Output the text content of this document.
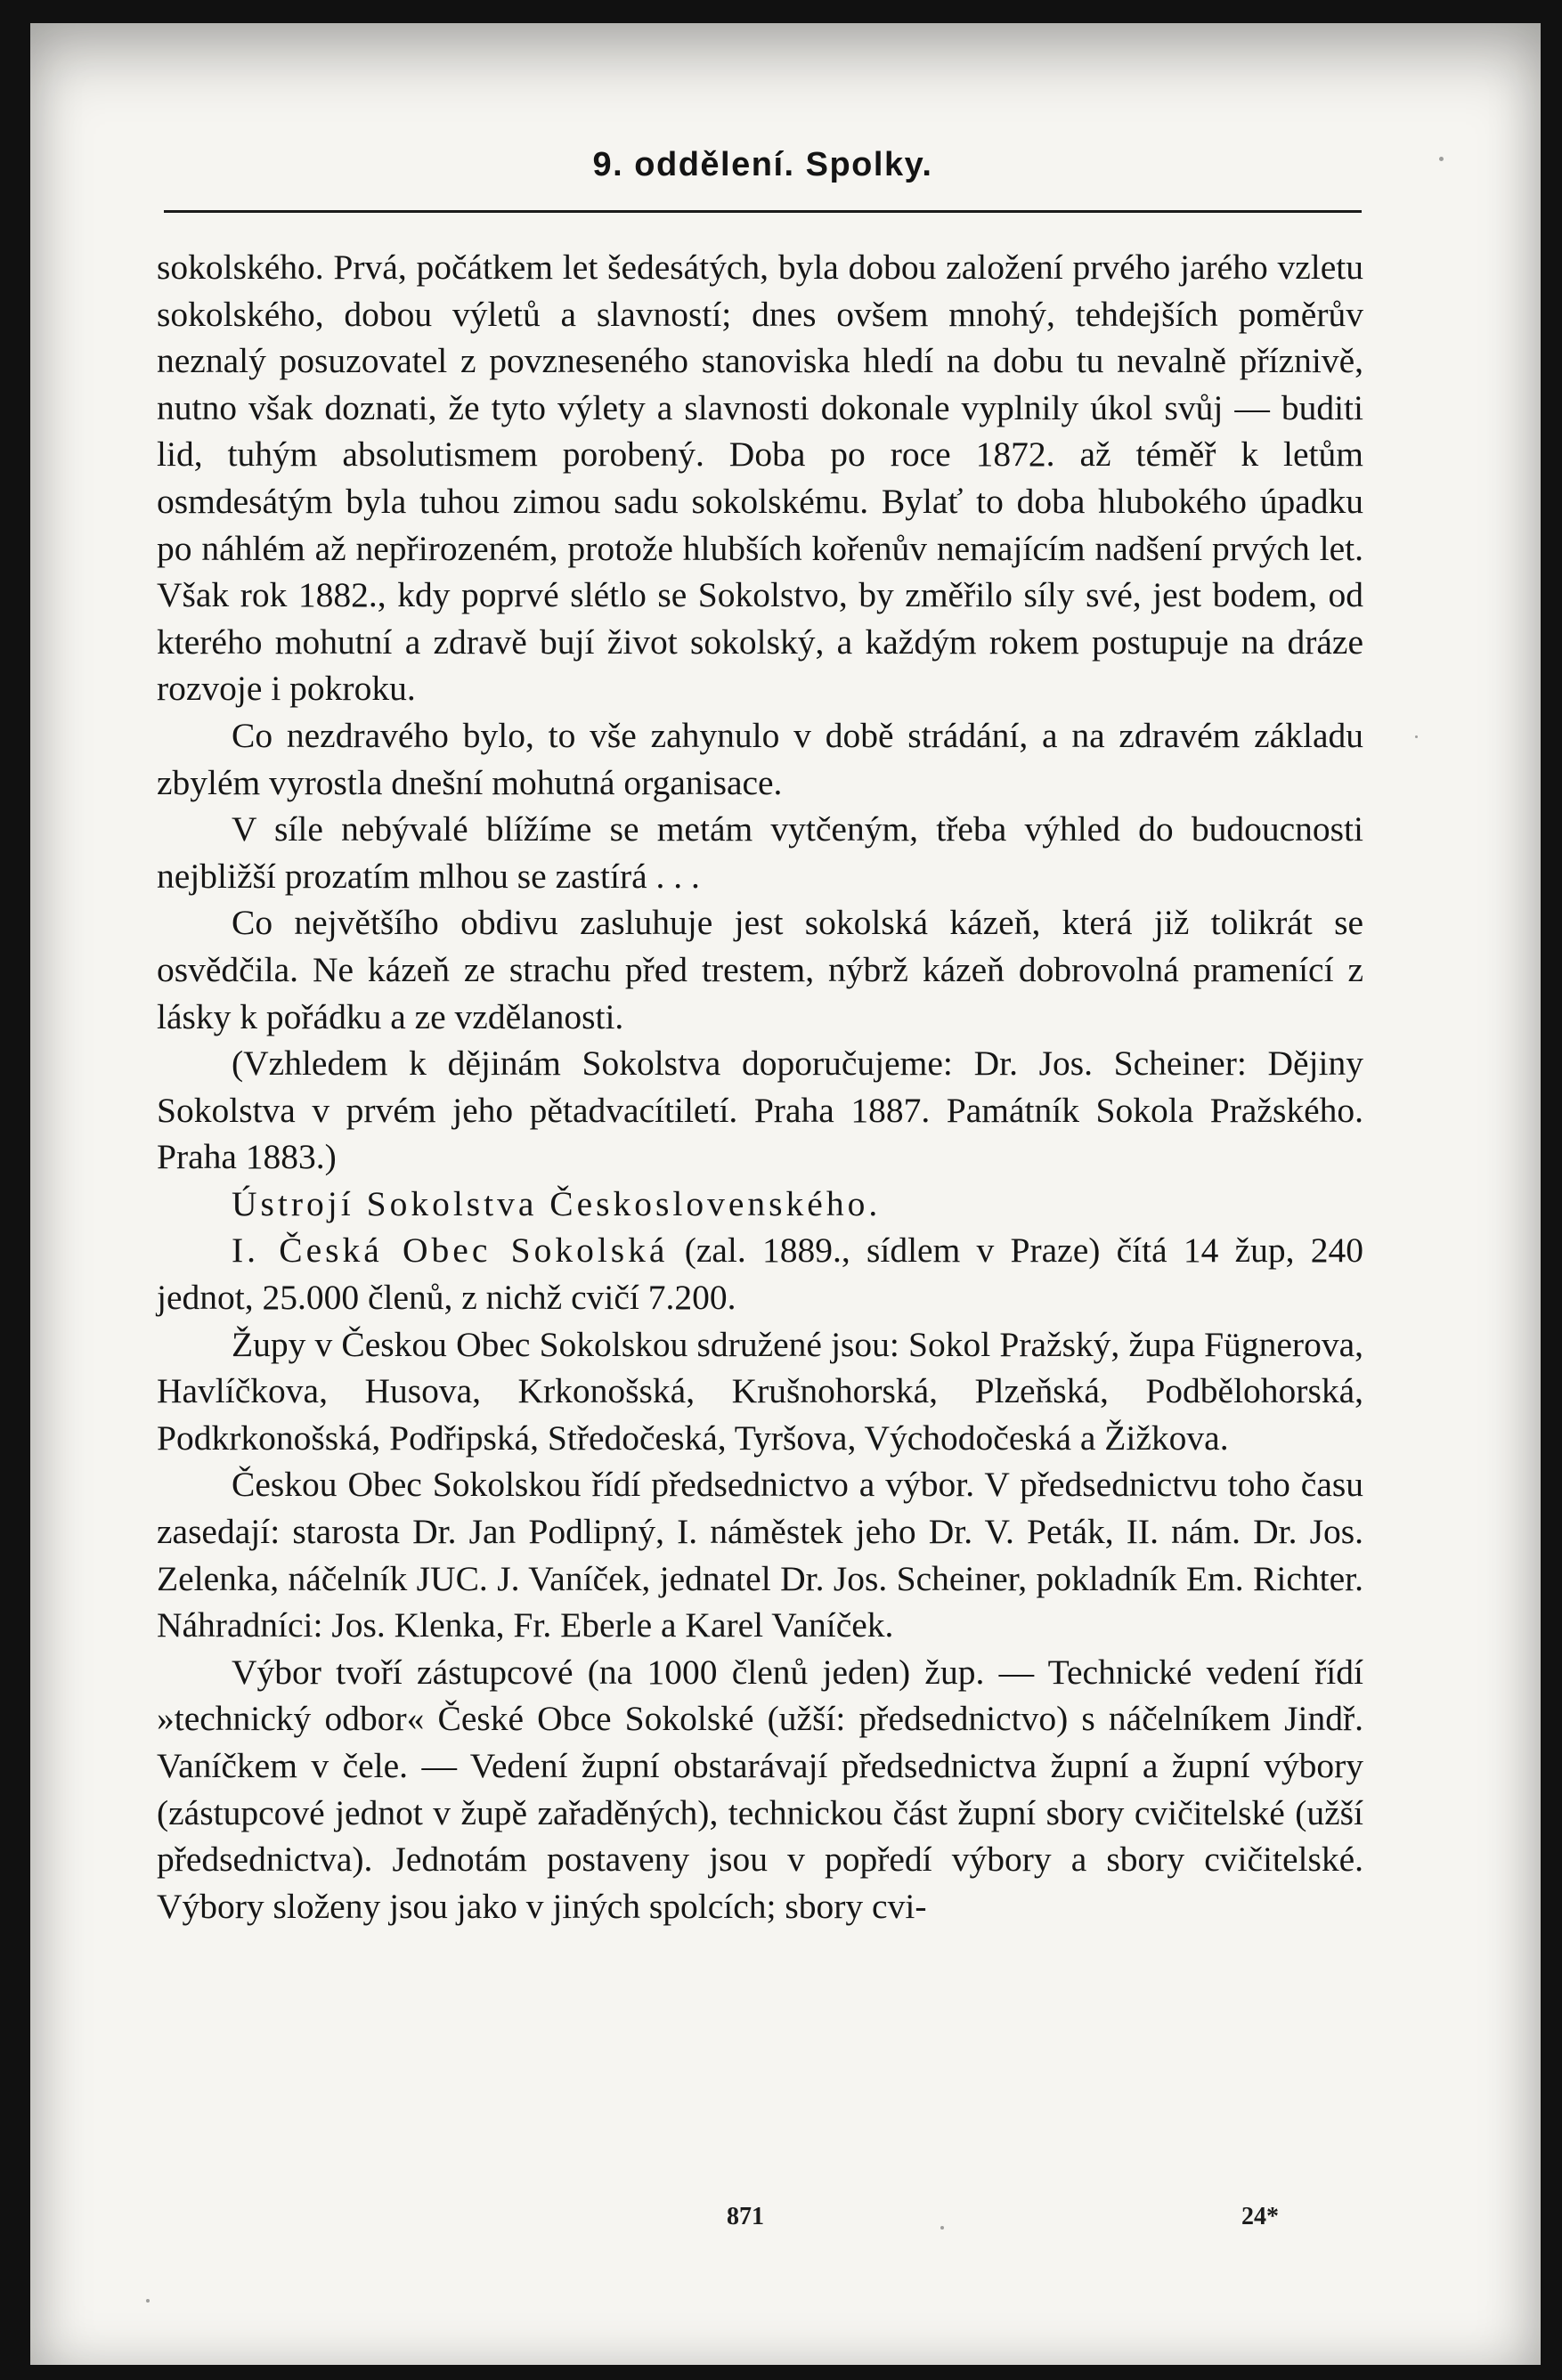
9. oddělení. Spolky.

sokolského. Prvá, počátkem let šedesátých, byla dobou založení prvého jarého vzletu sokolského, dobou výletů a slavností; dnes ovšem mnohý, tehdejších poměrův neznalý posuzovatel z povzneseného stanoviska hledí na dobu tu nevalně příznivě, nutno však doznati, že tyto výlety a slavnosti dokonale vyplnily úkol svůj — buditi lid, tuhým absolutismem porobený. Doba po roce 1872. až téměř k letům osmdesátým byla tuhou zimou sadu sokolskému. Bylať to doba hlubokého úpadku po náhlém až nepřirozeném, protože hlubších kořenův nemajícím nadšení prvých let. Však rok 1882., kdy poprvé slétlo se Sokolstvo, by změřilo síly své, jest bodem, od kterého mohutní a zdravě bují život sokolský, a každým rokem postupuje na dráze rozvoje i pokroku.

Co nezdravého bylo, to vše zahynulo v době strádání, a na zdravém základu zbylém vyrostla dnešní mohutná organisace.

V síle nebývalé blížíme se metám vytčeným, třeba výhled do budoucnosti nejbližší prozatím mlhou se zastírá . . .

Co největšího obdivu zasluhuje jest sokolská kázeň, která již tolikrát se osvědčila. Ne kázeň ze strachu před trestem, nýbrž kázeň dobrovolná pramenící z lásky k pořádku a ze vzdělanosti.

(Vzhledem k dějinám Sokolstva doporučujeme: Dr. Jos. Scheiner: Dějiny Sokolstva v prvém jeho pětadvacítiletí. Praha 1887. Památník Sokola Pražského. Praha 1883.)

Ústrojí Sokolstva Československého.

I. Česká Obec Sokolská (zal. 1889., sídlem v Praze) čítá 14 žup, 240 jednot, 25.000 členů, z nichž cvičí 7.200.

Župy v Českou Obec Sokolskou sdružené jsou: Sokol Pražský, župa Fügnerova, Havlíčkova, Husova, Krkonošská, Krušnohorská, Plzeňská, Podbělohorská, Podkrkonošská, Podřipská, Středočeská, Tyršova, Východočeská a Žižkova.

Českou Obec Sokolskou řídí předsednictvo a výbor. V předsednictvu toho času zasedají: starosta Dr. Jan Podlipný, I. náměstek jeho Dr. V. Peták, II. nám. Dr. Jos. Zelenka, náčelník JUC. J. Vaníček, jednatel Dr. Jos. Scheiner, pokladník Em. Richter. Náhradníci: Jos. Klenka, Fr. Eberle a Karel Vaníček.

Výbor tvoří zástupcové (na 1000 členů jeden) žup. — Technické vedení řídí »technický odbor« České Obce Sokolské (užší: předsednictvo) s náčelníkem Jindř. Vaníčkem v čele. — Vedení župní obstarávají předsednictva župní a župní výbory (zástupcové jednot v župě zařaděných), technickou část župní sbory cvičitelské (užší předsednictva). Jednotám postaveny jsou v popředí výbory a sbory cvičitelské. Výbory složeny jsou jako v jiných spolcích; sbory cvi-

871	24*
